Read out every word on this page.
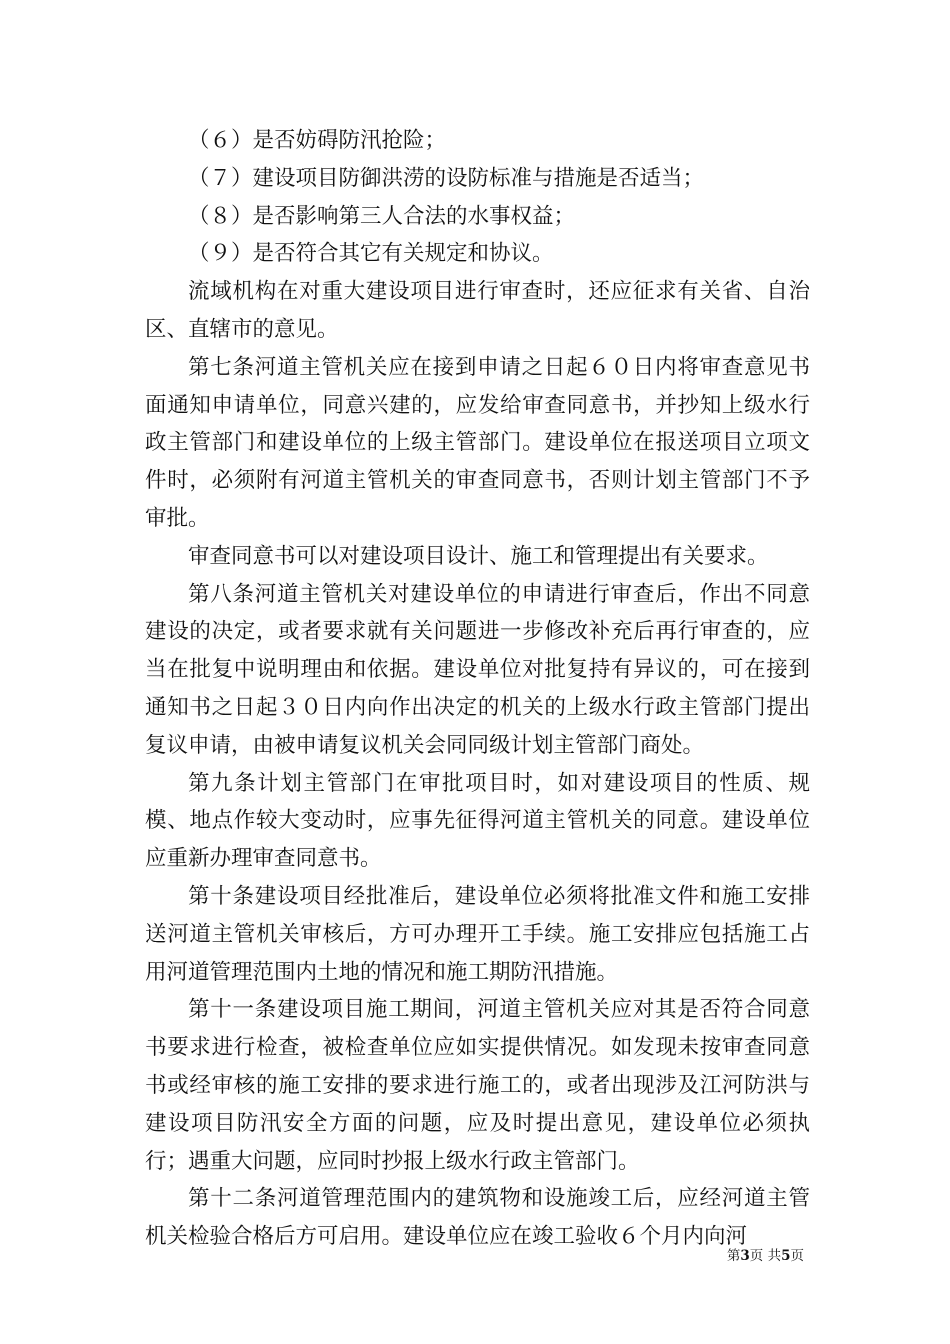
（６）是否妨碍防汛抢险；

（７）建设项目防御洪涝的设防标准与措施是否适当；

（８）是否影响第三人合法的水事权益；

（９）是否符合其它有关规定和协议。

流域机构在对重大建设项目进行审查时，还应征求有关省、自治区、直辖市的意见。

第七条河道主管机关应在接到申请之日起６０日内将审查意见书面通知申请单位，同意兴建的，应发给审查同意书，并抄知上级水行政主管部门和建设单位的上级主管部门。建设单位在报送项目立项文件时，必须附有河道主管机关的审查同意书，否则计划主管部门不予审批。

审查同意书可以对建设项目设计、施工和管理提出有关要求。

第八条河道主管机关对建设单位的申请进行审查后，作出不同意建设的决定，或者要求就有关问题进一步修改补充后再行审查的，应当在批复中说明理由和依据。建设单位对批复持有异议的，可在接到通知书之日起３０日内向作出决定的机关的上级水行政主管部门提出复议申请，由被申请复议机关会同同级计划主管部门商处。

第九条计划主管部门在审批项目时，如对建设项目的性质、规模、地点作较大变动时，应事先征得河道主管机关的同意。建设单位应重新办理审查同意书。

第十条建设项目经批准后，建设单位必须将批准文件和施工安排送河道主管机关审核后，方可办理开工手续。施工安排应包括施工占用河道管理范围内土地的情况和施工期防汛措施。

第十一条建设项目施工期间，河道主管机关应对其是否符合同意书要求进行检查，被检查单位应如实提供情况。如发现未按审查同意书或经审核的施工安排的要求进行施工的，或者出现涉及江河防洪与建设项目防汛安全方面的问题，应及时提出意见，建设单位必须执行；遇重大问题，应同时抄报上级水行政主管部门。

第十二条河道管理范围内的建筑物和设施竣工后，应经河道主管机关检验合格后方可启用。建设单位应在竣工验收６个月内向河

第3页 共5页
